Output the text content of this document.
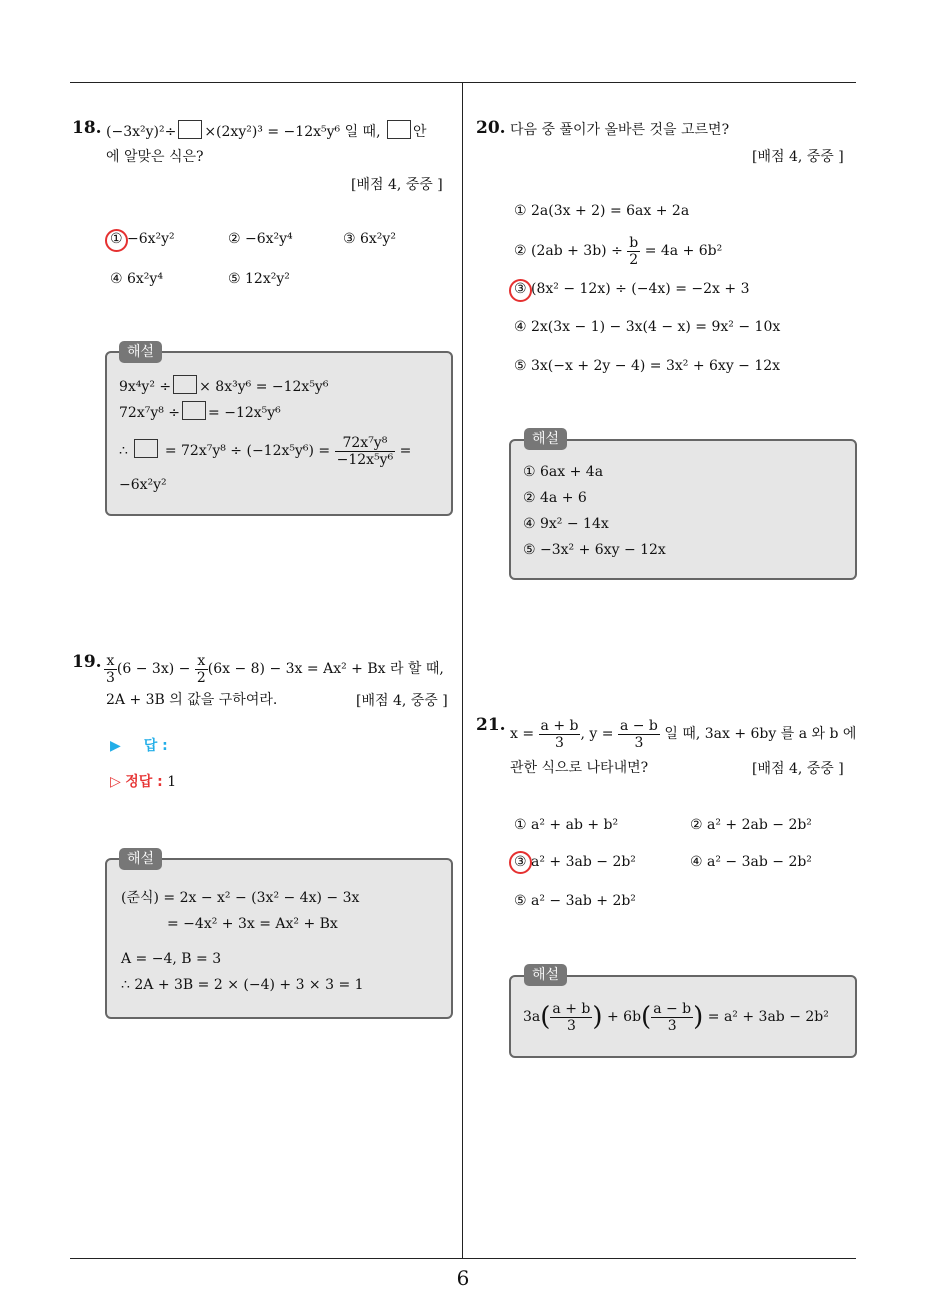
18. (−3x²y)²÷ ×(2xy²)³ = −12x⁵y⁶ 일 때, 안
에 알맞은 식은?
[배점 4, 중중 ]
① −6x²y²	② −6x²y⁴	③ 6x²y²
④ 6x²y⁴	⑤ 12x²y²
9x⁴y² ÷ × 8x³y⁶ = −12x⁵y⁶
72x⁷y⁸ ÷ = −12x⁵y⁶
∴	= $72x^7y^8 \div (-12x^5y^6) = \frac{\text{72x⁷y⁸}}{\text{−12x⁵y⁶}}$ =
−6x²y²
해설
19. $\frac{x}{3} (6 - 3x) - \frac{x}{2} (6x - 8) - 3x = Ax^2 + Bx$ 라 할 때,
2A + 3B 의 값을 구하여라.	[배점 4, 중중 ]
▶ 답 :
▷ 정답 : 1
(준식) = 2x − x² − (3x² − 4x) − 3x
= −4x² + 3x = Ax² + Bx
A = −4, B = 3
∴ 2A + 3B = 2 × (−4) + 3 × 3 = 1
해설
20. 다음 중 풀이가 올바른 것을 고르면?
[배점 4, 중중 ]
① 2a(3x + 2) = 6ax + 2a
② $(2ab + 3b) \div \frac{b}{2} = 4a + 6b^2$
③ (8x² − 12x) ÷ (−4x) = −2x + 3
④ 2x(3x − 1) − 3x(4 − x) = 9x² − 10x
⑤ 3x(−x + 2y − 4) = 3x² + 6xy − 12x
① 6ax + 4a
② 4a + 6
④ 9x² − 14x
⑤ −3x² + 6xy − 12x
해설
21. $x = \frac{a + b}{3}$ , $y = \frac{a - b}{3}$ 일 때, 3ax + 6by 를 a 와 b 에
관한 식으로 나타내면?	[배점 4, 중중 ]
① a² + ab + b²	② a² + 2ab − 2b²
③ a² + 3ab − 2b²	④ a² − 3ab − 2b²
⑤ a² − 3ab + 2b²
$3a( \frac{a + b}{3}$ ) + $6b( \frac{a - b}{3}$ ) = a² + 3ab − 2b²
해설
6
